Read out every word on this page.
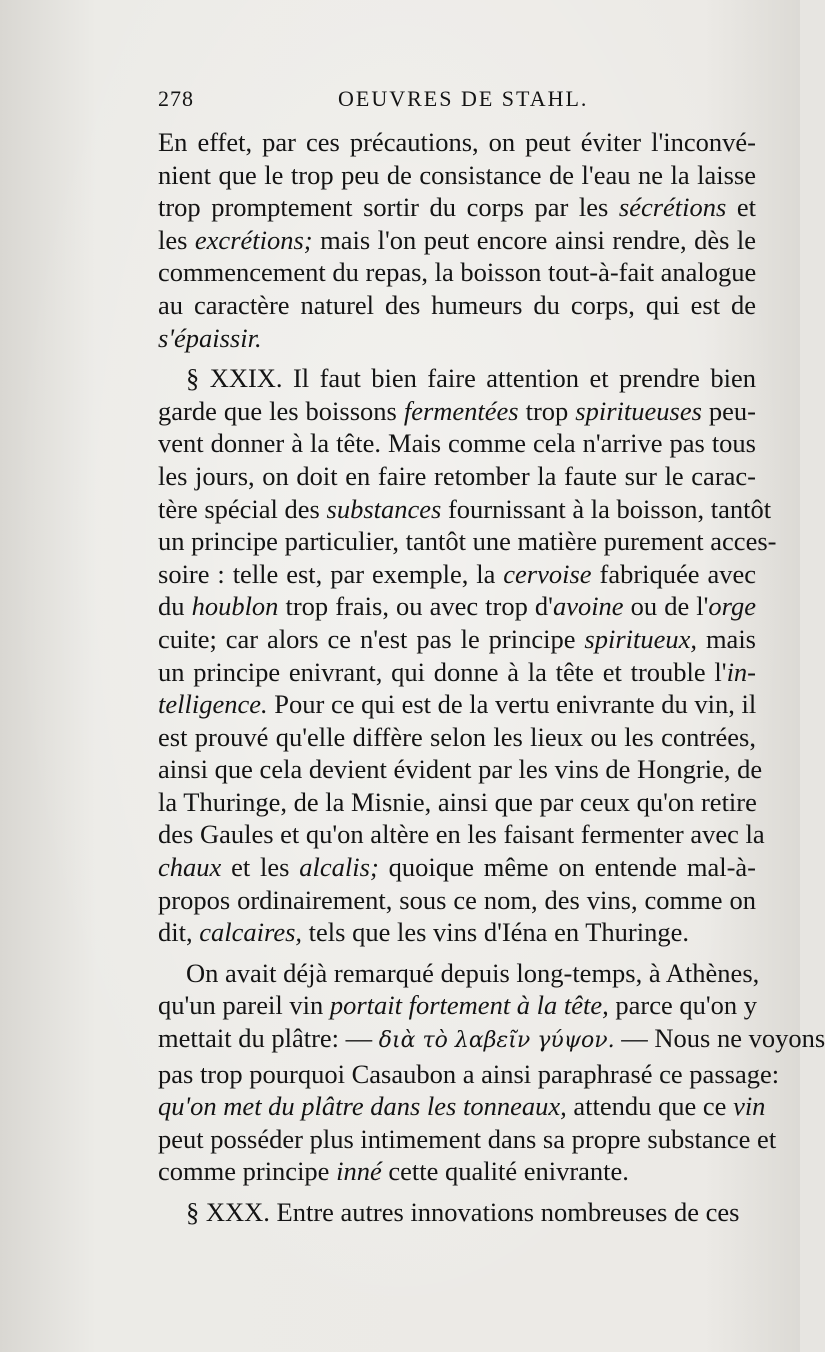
278	OEUVRES DE STAHL.

En effet, par ces précautions, on peut éviter l'inconvé-
nient que le trop peu de consistance de l'eau ne la laisse
trop promptement sortir du corps par les sécrétions et
les excrétions; mais l'on peut encore ainsi rendre, dès le
commencement du repas, la boisson tout-à-fait analogue
au caractère naturel des humeurs du corps, qui est de
s'épaissir.

§ XXIX. Il faut bien faire attention et prendre bien
garde que les boissons fermentées trop spiritueuses peu-
vent donner à la tête. Mais comme cela n'arrive pas tous
les jours, on doit en faire retomber la faute sur le carac-
tère spécial des substances fournissant à la boisson, tantôt
un principe particulier, tantôt une matière purement acces-
soire : telle est, par exemple, la cervoise fabriquée avec
du houblon trop frais, ou avec trop d'avoine ou de l'orge
cuite; car alors ce n'est pas le principe spiritueux, mais
un principe enivrant, qui donne à la tête et trouble l'in-
telligence. Pour ce qui est de la vertu enivrante du vin, il
est prouvé qu'elle diffère selon les lieux ou les contrées,
ainsi que cela devient évident par les vins de Hongrie, de
la Thuringe, de la Misnie, ainsi que par ceux qu'on retire
des Gaules et qu'on altère en les faisant fermenter avec la
chaux et les alcalis; quoique même on entende mal-à-
propos ordinairement, sous ce nom, des vins, comme on
dit, calcaires, tels que les vins d'Iéna en Thuringe.

On avait déjà remarqué depuis long-temps, à Athènes,
qu'un pareil vin portait fortement à la tête, parce qu'on y
mettait du plâtre: — διὰ τὸ λαβεῖν γύψον. — Nous ne voyons
pas trop pourquoi Casaubon a ainsi paraphrasé ce passage:
qu'on met du plâtre dans les tonneaux, attendu que ce vin
peut posséder plus intimement dans sa propre substance et
comme principe inné cette qualité enivrante.

§ XXX. Entre autres innovations nombreuses de ces
